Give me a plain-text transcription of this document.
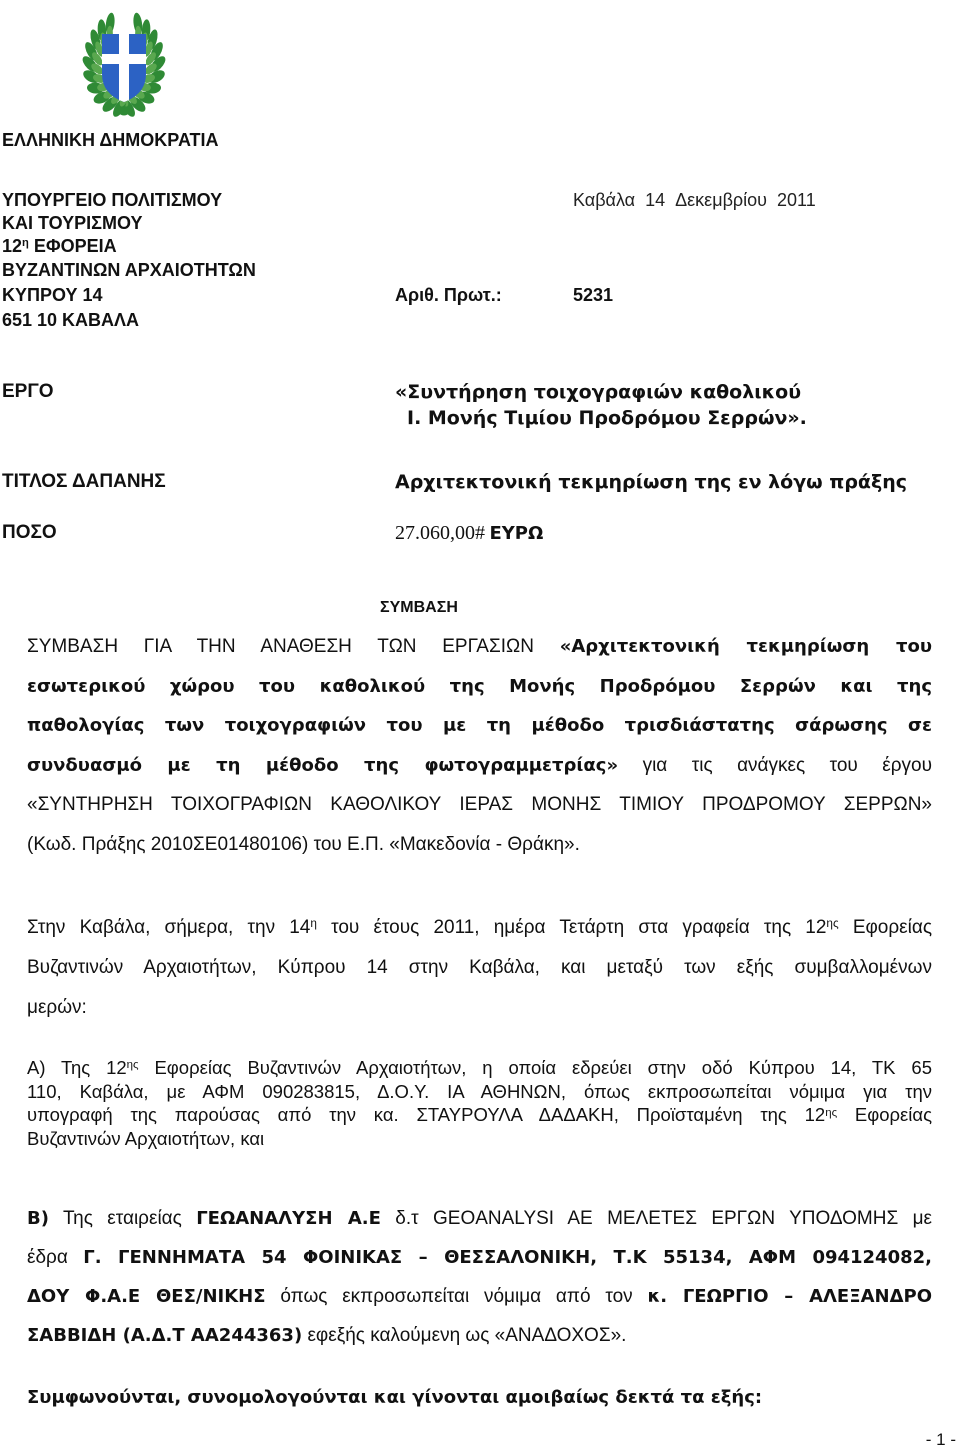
ΕΛΛΗΝΙΚΗ ΔΗΜΟΚΡΑΤΙΑ
ΥΠΟΥΡΓΕΙΟ ΠΟΛΙΤΙΣΜΟΥ
ΚΑΙ ΤΟΥΡΙΣΜΟΥ
$12^\eta$ ΕΦΟΡΕΙΑ
ΒΥΖΑΝΤΙΝΩΝ ΑΡΧΑΙΟΤΗΤΩΝ
ΚΥΠΡΟΥ 14
651 10 ΚΑΒΑΛΑ
Καβάλα 14 Δεκεμβρίου 2011
Αριθ. Πρωτ.:	5231
ΕΡΓΟ	«Συντήρηση τοιχογραφιών καθολικού
Ι. Μονής Τιμίου Προδρόμου Σερρών».
ΤΙΤΛΟΣ ΔΑΠΑΝΗΣ	Αρχιτεκτονική τεκμηρίωση της εν λόγω πράξης
ΠΟΣΟ	27.060,00# ΕΥΡΩ
ΣΥΜΒΑΣΗ
ΣΥΜΒΑΣΗ ΓΙΑ ΤΗΝ ΑΝΑΘΕΣΗ ΤΩΝ ΕΡΓΑΣΙΩΝ «Αρχιτεκτονική τεκμηρίωση του
εσωτερικού χώρου του καθολικού της Μονής Προδρόμου Σερρών και της
παθολογίας των τοιχογραφιών του με τη μέθοδο τρισδιάστατης σάρωσης σε
συνδυασμό με τη μέθοδο της φωτογραμμετρίας» για τις ανάγκες του έργου
«ΣΥΝΤΗΡΗΣΗ ΤΟΙΧΟΓΡΑΦΙΩΝ ΚΑΘΟΛΙΚΟΥ ΙΕΡΑΣ ΜΟΝΗΣ ΤΙΜΙΟΥ ΠΡΟΔΡΟΜΟΥ ΣΕΡΡΩΝ»
(Κωδ. Πράξης 2010ΣΕ01480106) του Ε.Π. «Μακεδονία - Θράκη».
Στην Καβάλα, σήμερα, την $14^\eta$ του έτους 2011, ημέρα Τετάρτη στα γραφεία της $12^{\eta\varsigma}$ Εφορείας
Βυζαντινών Αρχαιοτήτων, Κύπρου 14 στην Καβάλα, και μεταξύ των εξής συμβαλλομένων
μερών:
Α) Της $12^{\eta\varsigma}$ Εφορείας Βυζαντινών Αρχαιοτήτων, η οποία εδρεύει στην οδό Κύπρου 14, ΤΚ 65
110, Καβάλα, με ΑΦΜ 090283815, Δ.Ο.Υ. ΙΑ ΑΘΗΝΩΝ, όπως εκπροσωπείται νόμιμα για την
υπογραφή της παρούσας από την κα. ΣΤΑΥΡΟΥΛΑ ΔΑΔΑΚΗ, Προϊσταμένη της $12^{\eta\varsigma}$ Εφορείας
Βυζαντινών Αρχαιοτήτων, και
Β) Της εταιρείας ΓΕΩΑΝΑΛΥΣΗ Α.Ε δ.τ GEOANALYSI AE ΜΕΛΕΤΕΣ ΕΡΓΩΝ ΥΠΟΔΟΜΗΣ με
έδρα Γ. ΓΕΝΝΗΜΑΤΑ 54 ΦΟΙΝΙΚΑΣ – ΘΕΣΣΑΛΟΝΙΚΗ, Τ.Κ 55134, ΑΦΜ 094124082,
ΔΟΥ Φ.Α.Ε ΘΕΣ/ΝΙΚΗΣ όπως εκπροσωπείται νόμιμα από τον κ. ΓΕΩΡΓΙΟ – ΑΛΕΞΑΝΔΡΟ
ΣΑΒΒΙΔΗ (Α.Δ.Τ ΑΑ244363) εφεξής καλούμενη ως «ΑΝΑΔΟΧΟΣ».
Συμφωνούνται, συνομολογούνται και γίνονται αμοιβαίως δεκτά τα εξής:
- 1 -
